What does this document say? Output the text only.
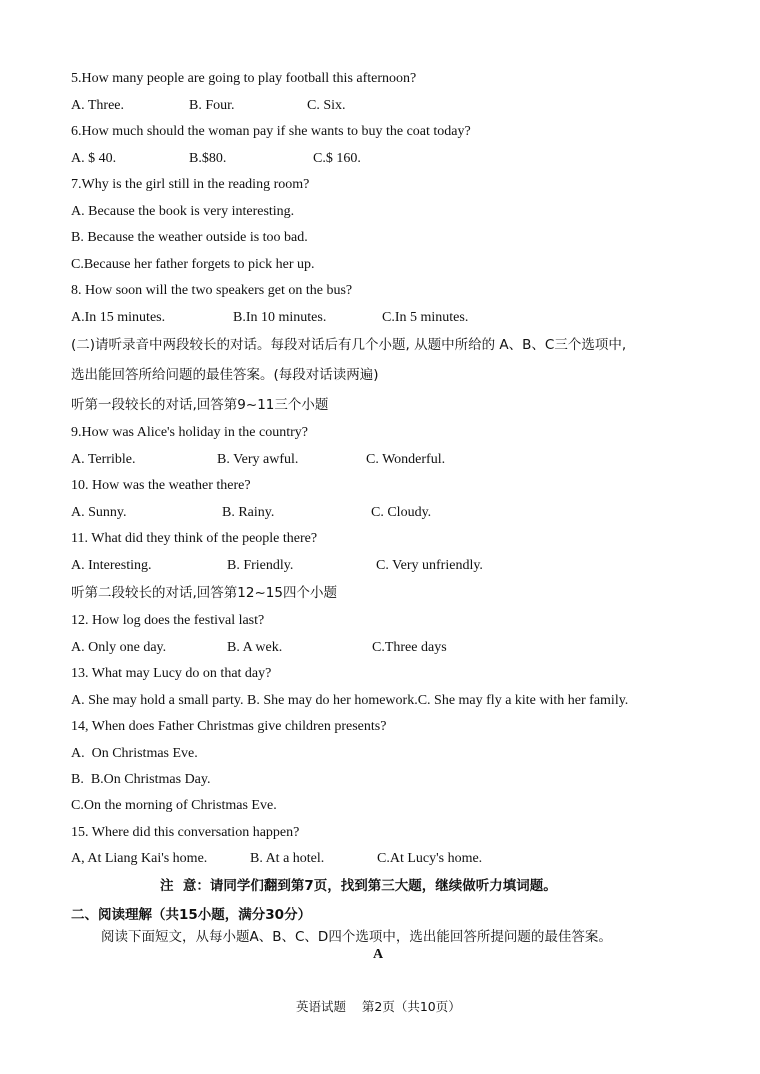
5.How many people are going to play football this afternoon?
A. Three.	B. Four.	C. Six.
6.How much should the woman pay if she wants to buy the coat today?
A. $ 40.	B.$80.	C.$ 160.
7.Why is the girl still in the reading room?
A. Because the book is very interesting.
B. Because the weather outside is too bad.
C.Because her father forgets to pick her up.
8. How soon will the two speakers get on the bus?
A.In 15 minutes.	B.In 10 minutes.	C.In 5 minutes.
(二)请听录音中两段较长的对话。每段对话后有几个小题, 从题中所给的 A、B、C三个选项中,
选出能回答所给问题的最佳答案。(每段对话读两遍)
听第一段较长的对话,回答第9~11三个小题
9.How was Alice's holiday in the country?
A. Terrible.	B. Very awful.	C. Wonderful.
10. How was the weather there?
A. Sunny.	B. Rainy.	C. Cloudy.
11. What did they think of the people there?
A. Interesting.	B. Friendly.	C. Very unfriendly.
听第二段较长的对话,回答第12~15四个小题
12. How log does the festival last?
A. Only one day.	B. A wek.	C.Three days
13. What may Lucy do on that day?
A. She may hold a small party. B. She may do her homework.C. She may fly a kite with her family.
14, When does Father Christmas give children presents?
A.  On Christmas Eve.
B.  B.On Christmas Day.
C.On the morning of Christmas Eve.
15. Where did this conversation happen?
A, At Liang Kai's home.	B. At a hotel.	C.At Lucy's home.
注  意：请同学们翻到第7页，找到第三大题，继续做听力填词题。
二、阅读理解（共15小题，满分30分）
阅读下面短文，从每小题A、B、C、D四个选项中，选出能回答所提问题的最佳答案。
A
英语试题    第2页（共10页）
